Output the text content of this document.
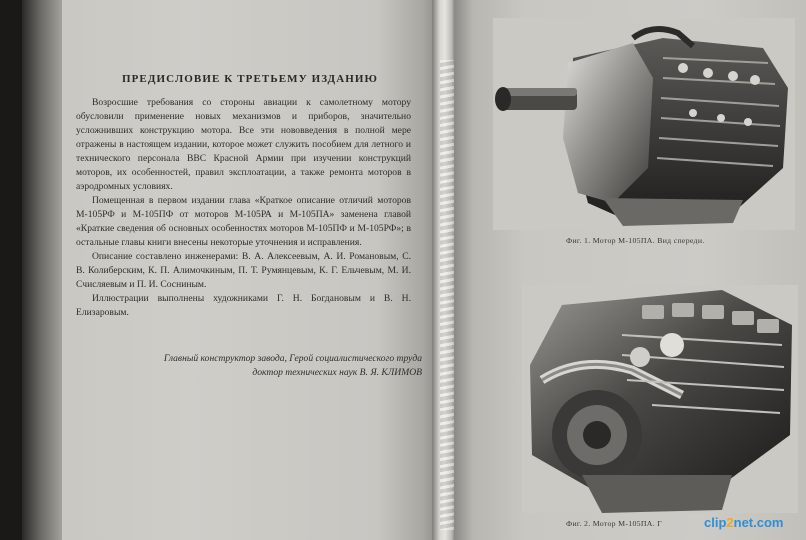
ПРЕДИСЛОВИЕ К ТРЕТЬЕМУ ИЗДАНИЮ

Возросшие требования со стороны авиации к самолетному мотору обусловили применение новых механизмов и приборов, значительно усложнивших конструкцию мотора. Все эти нововведения в полной мере отражены в настоящем издании, которое может служить пособием для летного и технического персонала ВВС Красной Армии при изучении конструкций моторов, их особенностей, правил эксплоатации, а также ремонта моторов в аэродромных условиях.

Помещенная в первом издании глава «Краткое описание отличий моторов М-105РФ и М-105ПФ от моторов М-105РА и М-105ПА» заменена главой «Краткие сведения об основных особенностях моторов М-105ПФ и М-105РФ»; в остальные главы книги внесены некоторые уточнения и исправления.

Описание составлено инженерами: В. А. Алексеевым, А. И. Романовым, С. В. Колиберским, К. П. Алимочкиным, П. Т. Румянцевым, К. Г. Ельчевым, М. И. Счисляевым и П. И. Сосниным.

Иллюстрации выполнены художниками Г. Н. Богдановым и В. Н. Елизаровым.

Главный конструктор завода, Герой социалистического труда
доктор технических наук В. Я. КЛИМОВ
Фиг. 1. Мотор М-105ПА. Вид спереди.
Фиг. 2. Мотор М-105ПА. Г	clip 2 net.com
